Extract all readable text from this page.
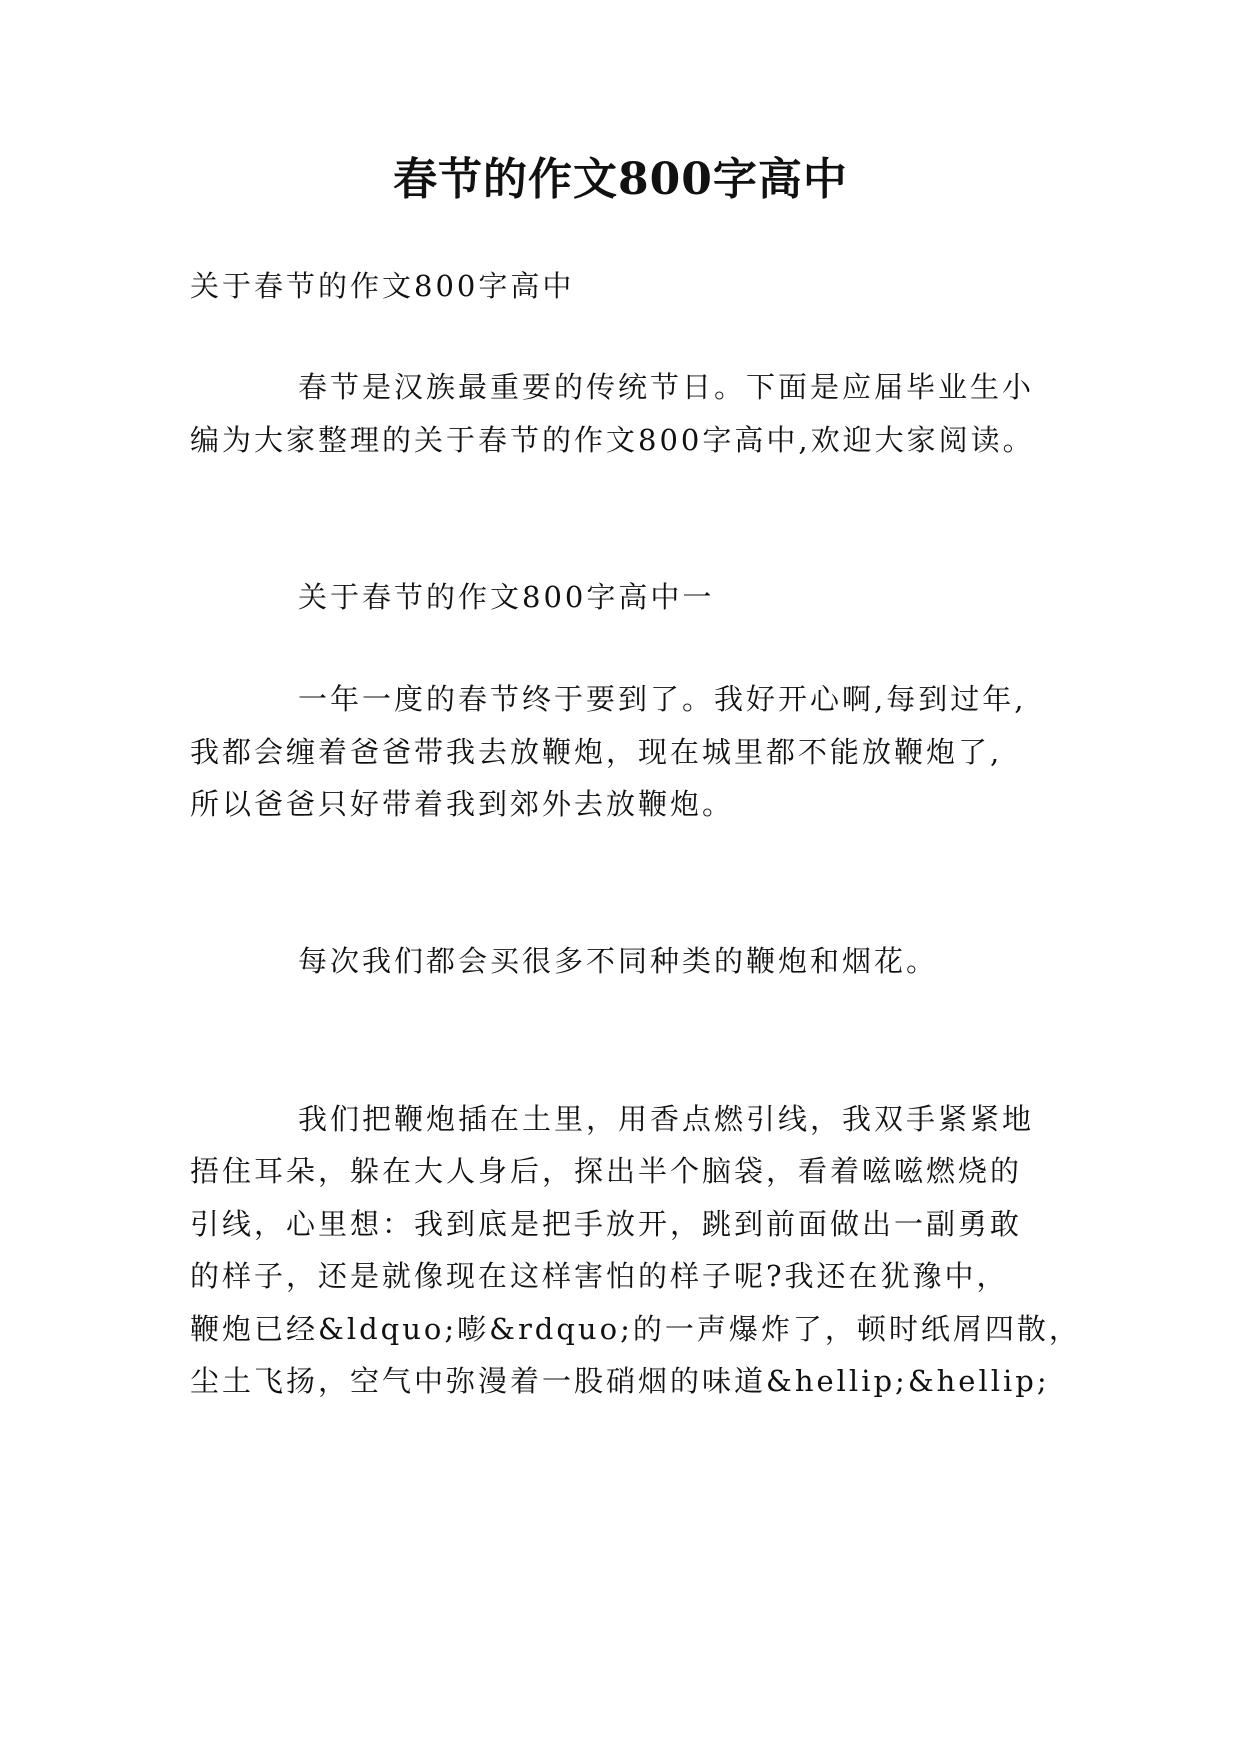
春节的作文800字高中
关于春节的作文800字高中
春节是汉族最重要的传统节日。下面是应届毕业生小
编为大家整理的关于春节的作文800字高中,欢迎大家阅读。
关于春节的作文800字高中一
一年一度的春节终于要到了。我好开心啊,每到过年,
我都会缠着爸爸带我去放鞭炮，现在城里都不能放鞭炮了,
所以爸爸只好带着我到郊外去放鞭炮。
每次我们都会买很多不同种类的鞭炮和烟花。
我们把鞭炮插在土里，用香点燃引线，我双手紧紧地
捂住耳朵，躲在大人身后，探出半个脑袋，看着嗞嗞燃烧的
引线，心里想：我到底是把手放开，跳到前面做出一副勇敢
的样子，还是就像现在这样害怕的样子呢?我还在犹豫中，
鞭炮已经&ldquo;嘭&rdquo;的一声爆炸了，顿时纸屑四散，
尘土飞扬，空气中弥漫着一股硝烟的味道&hellip;&hellip;
